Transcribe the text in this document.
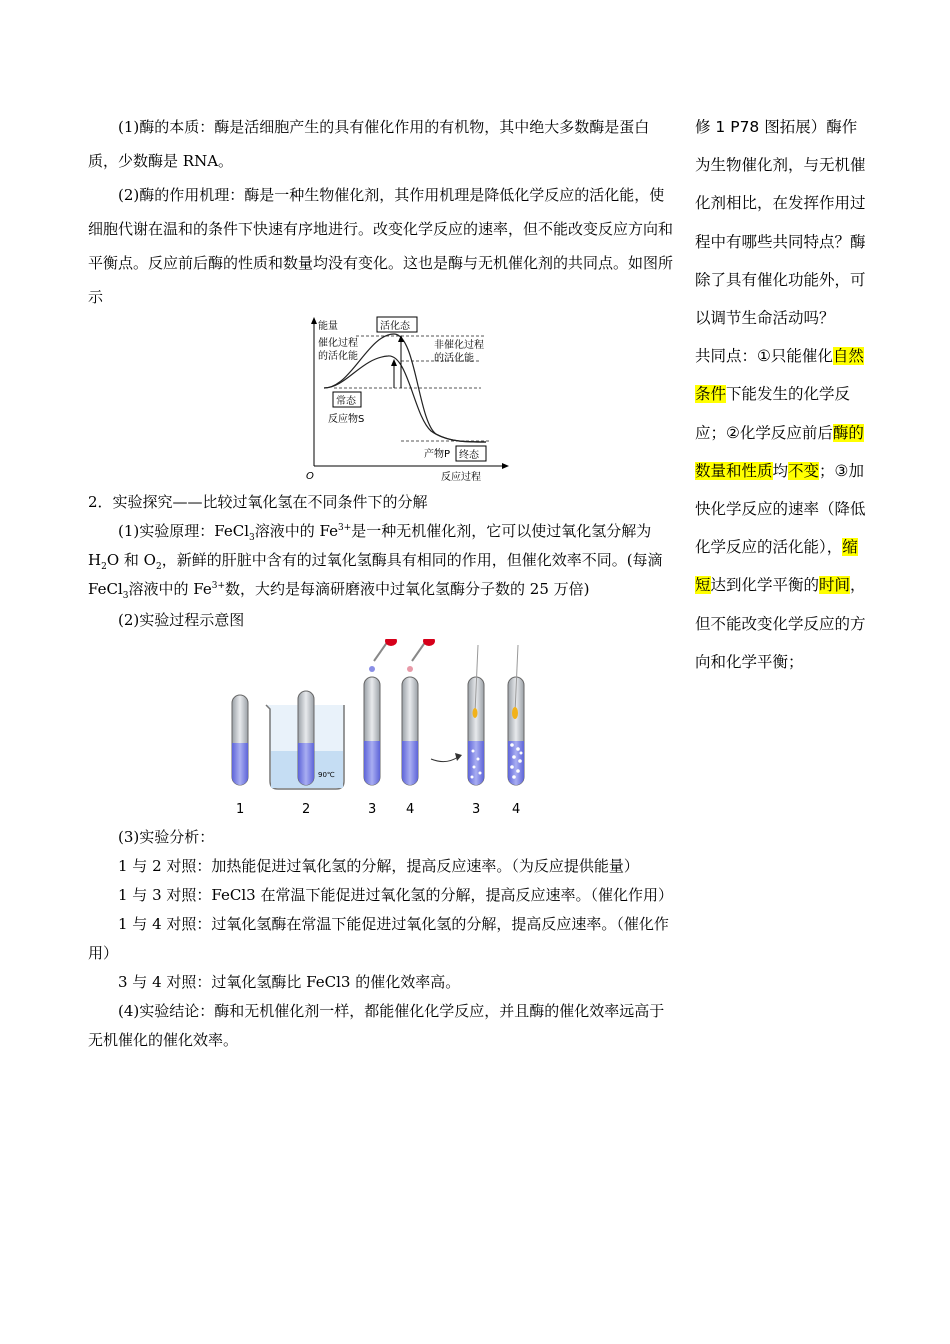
(1)酶的本质：酶是活细胞产生的具有催化作用的有机物，其中绝大多数酶是蛋白质，少数酶是 RNA。

(2)酶的作用机理：酶是一种生物催化剂，其作用机理是降低化学反应的活化能，使细胞代谢在温和的条件下快速有序地进行。改变化学反应的速率，但不能改变反应方向和平衡点。反应前后酶的性质和数量均没有变化。这也是酶与无机催化剂的共同点。如图所示

能量
O	反应过程
活化态
催化过程
的活化能
非催化过程
的活化能
常态
反应物S
产物P 终态

2．实验探究——比较过氧化氢在不同条件下的分解

(1)实验原理：FeCl$_3$溶液中的 $Fe^{3+}$是一种无机催化剂，它可以使过氧化氢分解为 $H_2O$ 和 $O_2$，新鲜的肝脏中含有的过氧化氢酶具有相同的作用，但催化效率不同。(每滴 FeCl$_3$溶液中的 $Fe^{3+}$数，大约是每滴研磨液中过氧化氢酶分子数的 25 万倍)

(2)实验过程示意图

90℃
1	2	3 4	3 4

(3)实验分析：

1 与 2 对照：加热能促进过氧化氢的分解，提高反应速率。（为反应提供能量）

1 与 3 对照：FeCl3 在常温下能促进过氧化氢的分解，提高反应速率。（催化作用）

1 与 4 对照：过氧化氢酶在常温下能促进过氧化氢的分解，提高反应速率。（催化作用）

3 与 4 对照：过氧化氢酶比 FeCl3 的催化效率高。

(4)实验结论：酶和无机催化剂一样，都能催化化学反应，并且酶的催化效率远高于无机催化的催化效率。

修 1 P78 图拓展）酶作为生物催化剂，与无机催化剂相比，在发挥作用过程中有哪些共同特点？酶除了具有催化功能外，可以调节生命活动吗？
共同点：①只能催化自然条件下能发生的化学反应；②化学反应前后酶的数量和性质均不变；③加快化学反应的速率（降低化学反应的活化能），缩短达到化学平衡的时间，但不能改变化学反应的方向和化学平衡；
